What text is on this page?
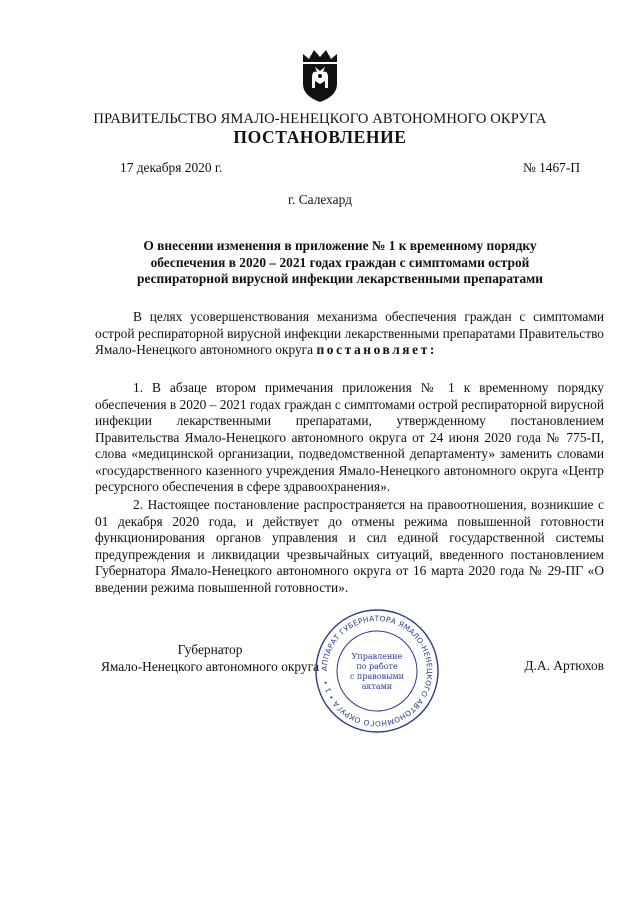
ПРАВИТЕЛЬСТВО ЯМАЛО-НЕНЕЦКОГО АВТОНОМНОГО ОКРУГА
ПОСТАНОВЛЕНИЕ
17 декабря 2020 г.	№ 1467-П
г. Салехард
О внесении изменения в приложение № 1 к временному порядку обеспечения в 2020 – 2021 годах граждан с симптомами острой респираторной вирусной инфекции лекарственными препаратами

В целях усовершенствования механизма обеспечения граждан с симптомами острой респираторной вирусной инфекции лекарственными препаратами Правительство Ямало-Ненецкого автономного округа постановляет:

1. В абзаце втором примечания приложения № 1 к временному порядку обеспечения в 2020 – 2021 годах граждан с симптомами острой респираторной вирусной инфекции лекарственными препаратами, утвержденному постановлением Правительства Ямало-Ненецкого автономного округа от 24 июня 2020 года № 775-П, слова «медицинской организации, подведомственной департаменту» заменить словами «государственного казенного учреждения Ямало-Ненецкого автономного округа «Центр ресурсного обеспечения в сфере здравоохранения».

2. Настоящее постановление распространяется на правоотношения, возникшие с 01 декабря 2020 года, и действует до отмены режима повышенной готовности функционирования органов управления и сил единой государственной системы предупреждения и ликвидации чрезвычайных ситуаций, введенного постановлением Губернатора Ямало-Ненецкого автономного округа от 16 марта 2020 года № 29-ПГ «О введении режима повышенной готовности».

Губернатор
Ямало-Ненецкого автономного округа	Д.А. Артюхов
АППАРАТ ГУБЕРНАТОРА ЯМАЛО-НЕНЕЦКОГО АВТОНОМНОГО ОКРУГА • 1 •
Управление
по работе
с правовыми
актами
